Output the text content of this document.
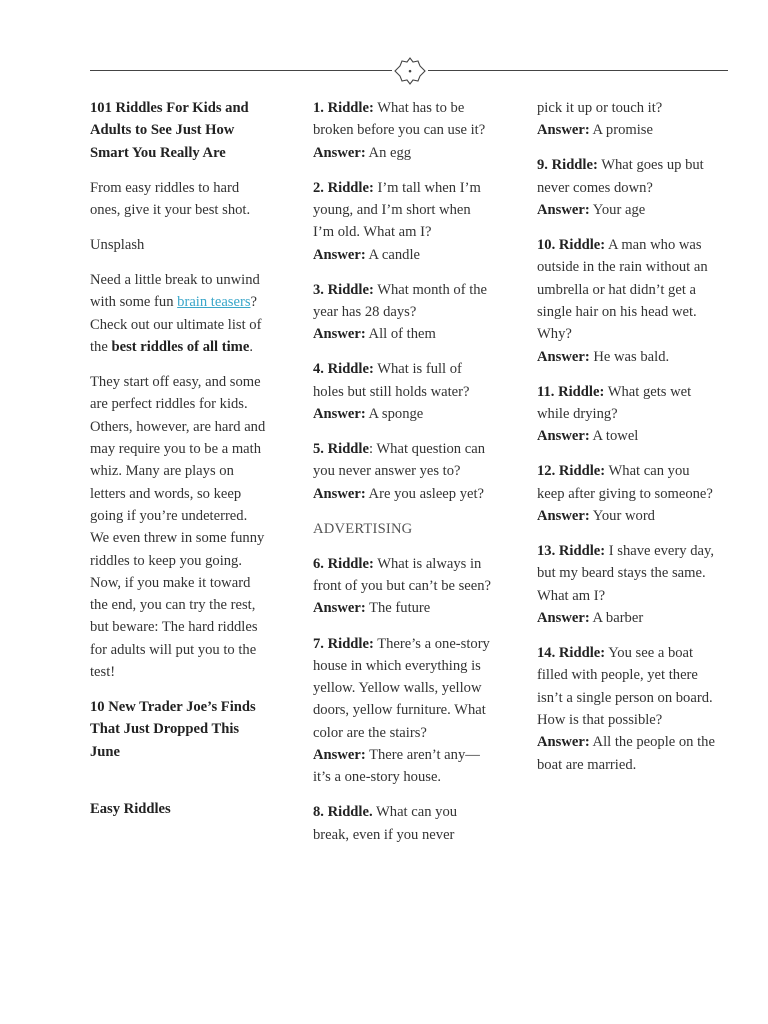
•

101 Riddles For Kids and Adults to See Just How Smart You Really Are

From easy riddles to hard ones, give it your best shot.

Unsplash

Need a little break to unwind with some fun brain teasers? Check out our ultimate list of the best riddles of all time.

They start off easy, and some are perfect riddles for kids. Others, however, are hard and may require you to be a math whiz. Many are plays on letters and words, so keep going if you’re undeterred. We even threw in some funny riddles to keep you going. Now, if you make it toward the end, you can try the rest, but beware: The hard riddles for adults will put you to the test!

10 New Trader Joe’s Finds That Just Dropped This June

Easy Riddles

1. Riddle: What has to be broken before you can use it?
Answer: An egg

2. Riddle: I’m tall when I’m young, and I’m short when I’m old. What am I?
Answer: A candle

3. Riddle: What month of the year has 28 days?
Answer: All of them

4. Riddle: What is full of holes but still holds water?
Answer: A sponge

5. Riddle: What question can you never answer yes to?
Answer: Are you asleep yet?

ADVERTISING

6. Riddle: What is always in front of you but can’t be seen?
Answer: The future

7. Riddle: There’s a one-story house in which everything is yellow. Yellow walls, yellow doors, yellow furniture. What color are the stairs?
Answer: There aren’t any—it’s a one-story house.

8. Riddle. What can you break, even if you never

pick it up or touch it?
Answer: A promise

9. Riddle: What goes up but never comes down?
Answer: Your age

10. Riddle: A man who was outside in the rain without an umbrella or hat didn’t get a single hair on his head wet. Why?
Answer: He was bald.

11. Riddle: What gets wet while drying?
Answer: A towel

12. Riddle: What can you keep after giving to someone?
Answer: Your word

13. Riddle: I shave every day, but my beard stays the same. What am I?
Answer: A barber

14. Riddle: You see a boat filled with people, yet there isn’t a single person on board. How is that possible?
Answer: All the people on the boat are married.
